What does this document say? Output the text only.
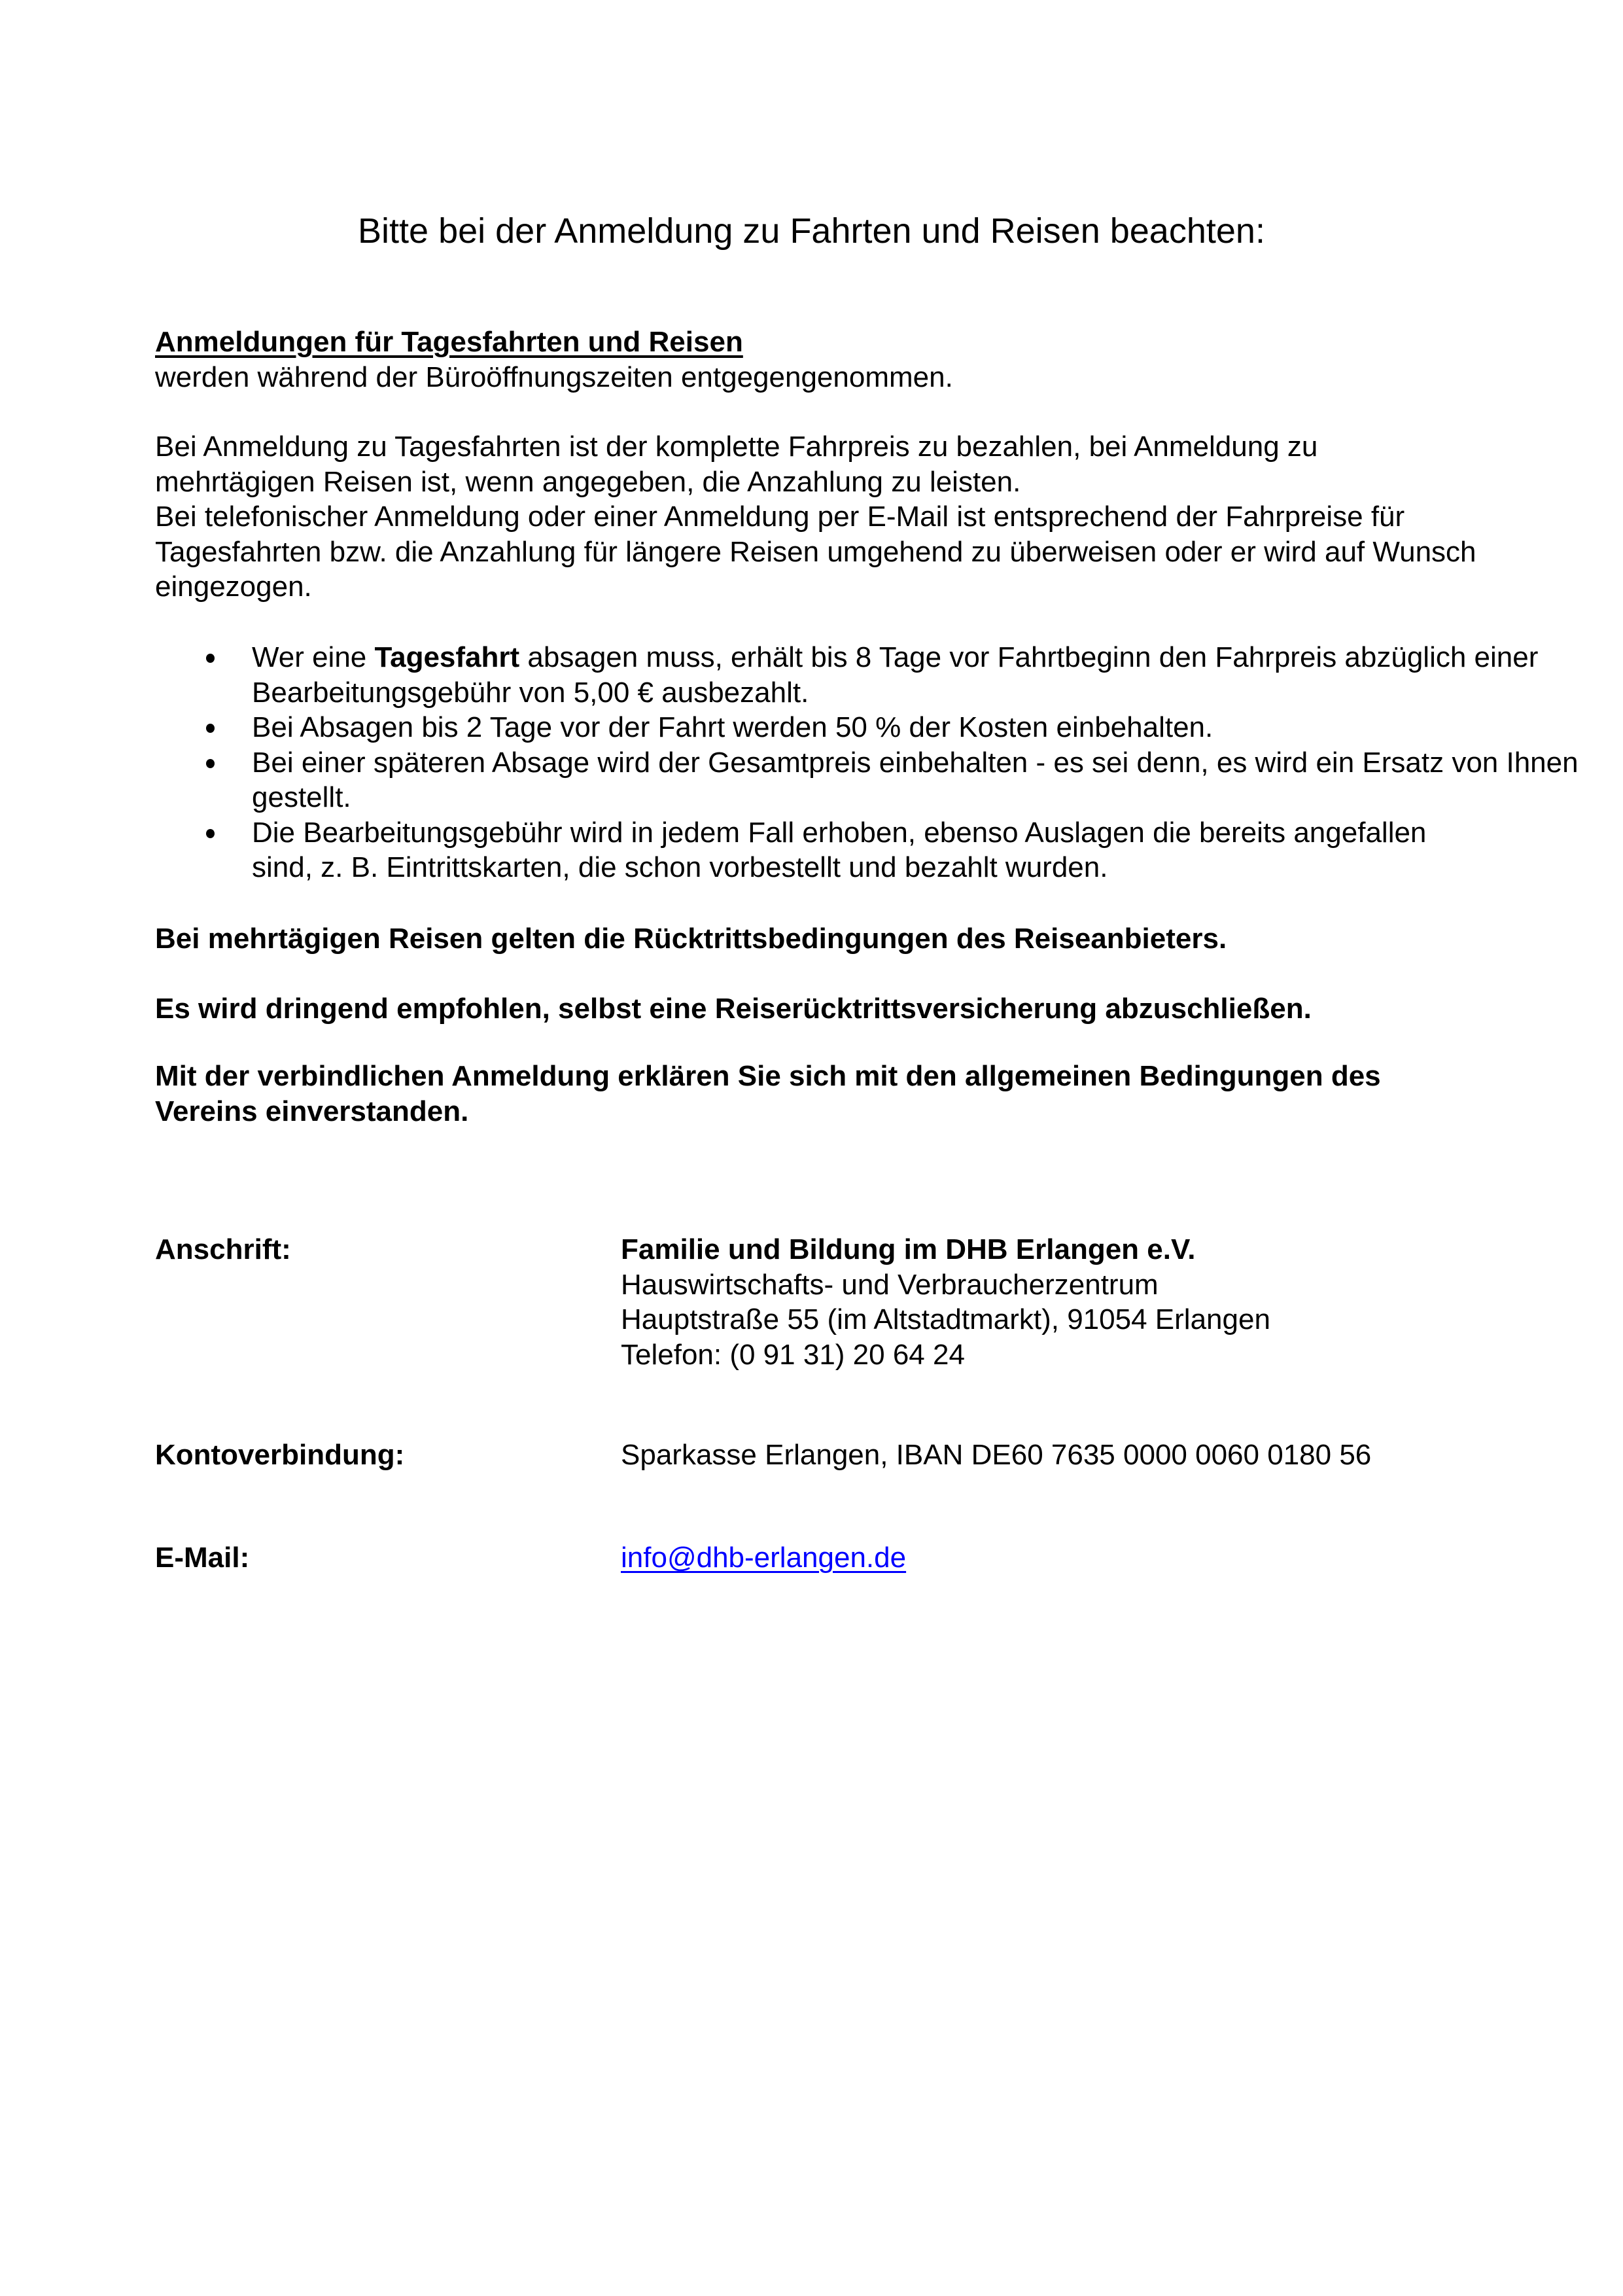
Bitte bei der Anmeldung zu Fahrten und Reisen beachten:
Anmeldungen für Tagesfahrten und Reisen
werden während der Büroöffnungszeiten entgegengenommen.

Bei Anmeldung zu Tagesfahrten ist der komplette Fahrpreis zu bezahlen, bei Anmeldung zu mehrtägigen Reisen ist, wenn angegeben, die Anzahlung zu leisten.

Bei telefonischer Anmeldung oder einer Anmeldung per E-Mail ist entsprechend der Fahrpreise für Tagesfahrten bzw. die Anzahlung für längere Reisen umgehend zu überweisen oder er wird auf Wunsch eingezogen.

Wer eine Tagesfahrt absagen muss, erhält bis 8 Tage vor Fahrtbeginn den Fahrpreis abzüglich einer Bearbeitungsgebühr von 5,00 € ausbezahlt.
Bei Absagen bis 2 Tage vor der Fahrt werden 50 % der Kosten einbehalten.
Bei einer späteren Absage wird der Gesamtpreis einbehalten - es sei denn, es wird ein Ersatz von Ihnen gestellt.
Die Bearbeitungsgebühr wird in jedem Fall erhoben, ebenso Auslagen die bereits angefallen sind, z. B. Eintrittskarten, die schon vorbestellt und bezahlt wurden.
Bei mehrtägigen Reisen gelten die Rücktrittsbedingungen des Reiseanbieters.
Es wird dringend empfohlen, selbst eine Reiserücktrittsversicherung abzuschließen.
Mit der verbindlichen Anmeldung erklären Sie sich mit den allgemeinen Bedingungen des Vereins einverstanden.
Anschrift:	Familie und Bildung im DHB Erlangen e.V.
Hauswirtschafts- und Verbraucherzentrum
Hauptstraße 55 (im Altstadtmarkt), 91054 Erlangen
Telefon: (0 91 31) 20 64 24
Kontoverbindung:	Sparkasse Erlangen, IBAN DE60 7635 0000 0060 0180 56
E-Mail:	info@dhb-erlangen.de
